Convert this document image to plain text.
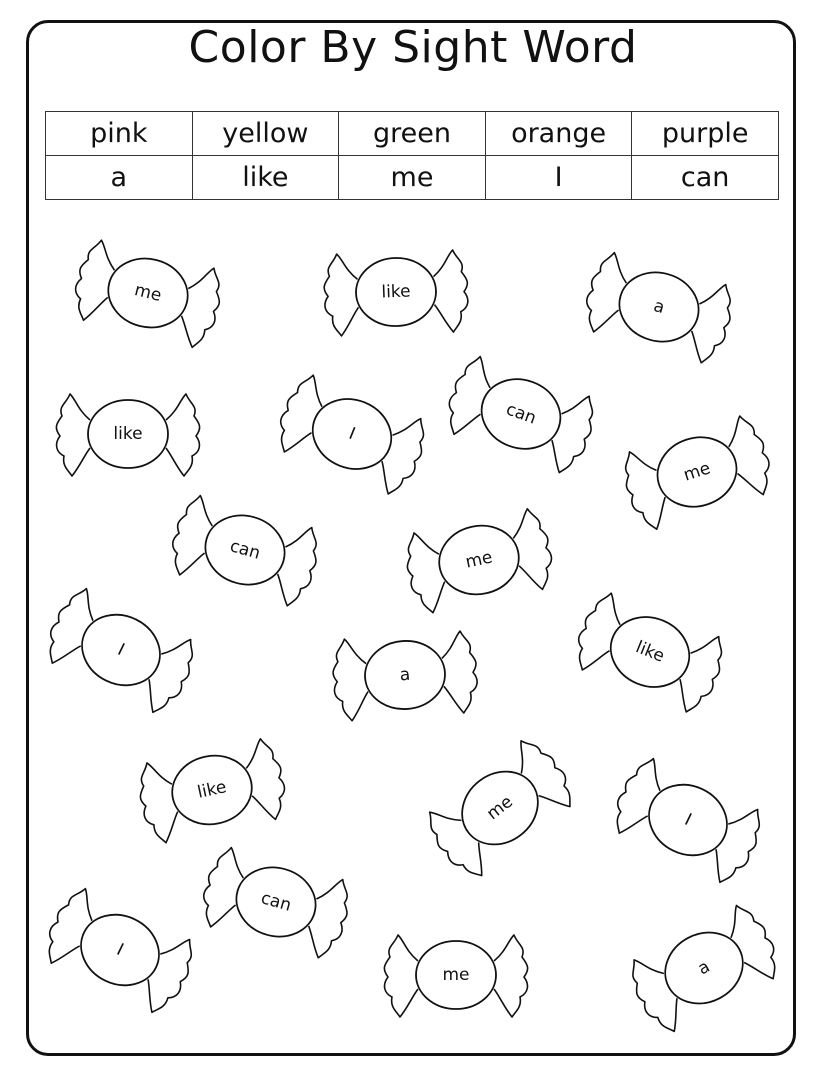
Color By Sight Word
pink	yellow	green	orange	purple
a	like	me	I	can
me	like
a
like	I
can
me
can	me
I
a
like
like
me	I
can
I
me	a
